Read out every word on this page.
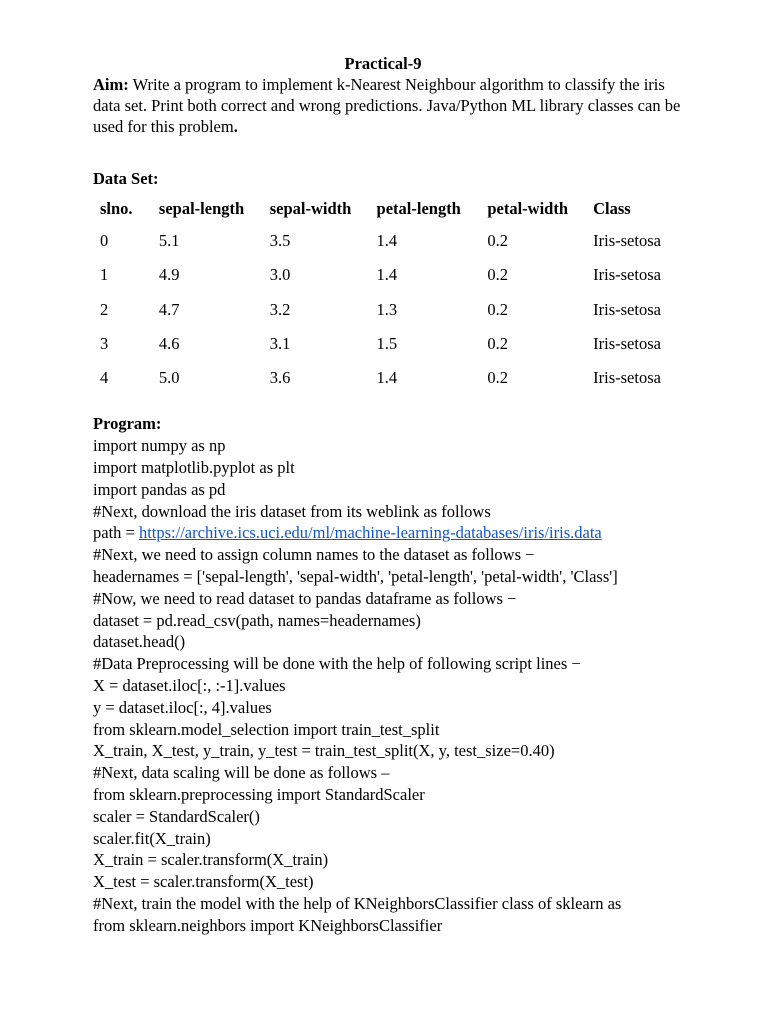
Practical-9
Aim: Write a program to implement k-Nearest Neighbour algorithm to classify the iris data set. Print both correct and wrong predictions. Java/Python ML library classes can be used for this problem.
Data Set:
slno.	sepal-length	sepal-width	petal-length	petal-width	Class
0	5.1	3.5	1.4	0.2	Iris-setosa
1	4.9	3.0	1.4	0.2	Iris-setosa
2	4.7	3.2	1.3	0.2	Iris-setosa
3	4.6	3.1	1.5	0.2	Iris-setosa
4	5.0	3.6	1.4	0.2	Iris-setosa
Program:
import numpy as np
import matplotlib.pyplot as plt
import pandas as pd
#Next, download the iris dataset from its weblink as follows
path = https://archive.ics.uci.edu/ml/machine-learning-databases/iris/iris.data
#Next, we need to assign column names to the dataset as follows −
headernames = ['sepal-length', 'sepal-width', 'petal-length', 'petal-width', 'Class']
#Now, we need to read dataset to pandas dataframe as follows −
dataset = pd.read_csv(path, names=headernames)
dataset.head()
#Data Preprocessing will be done with the help of following script lines −
X = dataset.iloc[:, :-1].values
y = dataset.iloc[:, 4].values
from sklearn.model_selection import train_test_split
X_train, X_test, y_train, y_test = train_test_split(X, y, test_size=0.40)
#Next, data scaling will be done as follows –
from sklearn.preprocessing import StandardScaler
scaler = StandardScaler()
scaler.fit(X_train)
X_train = scaler.transform(X_train)
X_test = scaler.transform(X_test)
#Next, train the model with the help of KNeighborsClassifier class of sklearn as
from sklearn.neighbors import KNeighborsClassifier
